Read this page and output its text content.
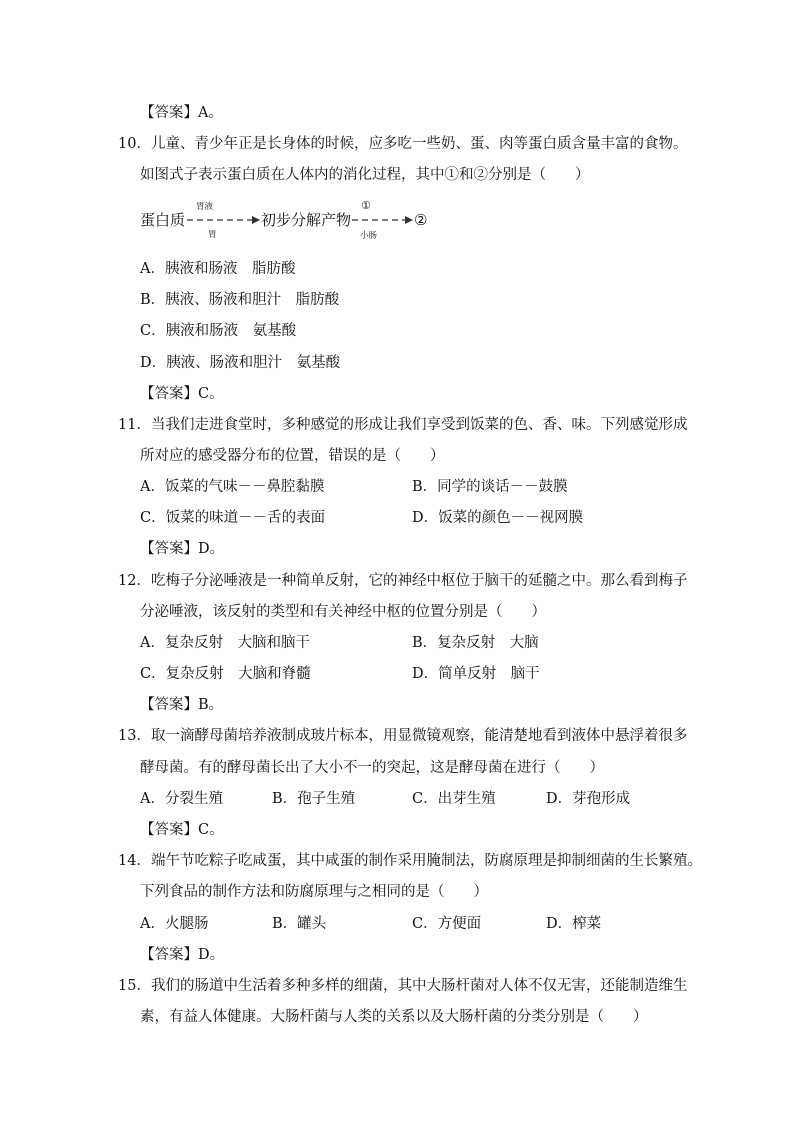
【答案】A。
10．儿童、青少年正是长身体的时候，应多吃一些奶、蛋、肉等蛋白质含量丰富的食物。
如图式子表示蛋白质在人体内的消化过程，其中①和②分别是（　　）
蛋白质
胃液
胃
初步分解产物
①
小肠
②
A．胰液和肠液　脂肪酸
B．胰液、肠液和胆汁　脂肪酸
C．胰液和肠液　氨基酸
D．胰液、肠液和胆汁　氨基酸
【答案】C。
11．当我们走进食堂时，多种感觉的形成让我们享受到饭菜的色、香、味。下列感觉形成
所对应的感受器分布的位置，错误的是（　　）
A．饭菜的气味－－鼻腔黏膜	B．同学的谈话－－鼓膜
C．饭菜的味道－－舌的表面	D．饭菜的颜色－－视网膜
【答案】D。
12．吃梅子分泌唾液是一种简单反射，它的神经中枢位于脑干的延髓之中。那么看到梅子
分泌唾液，该反射的类型和有关神经中枢的位置分别是（　　）
A．复杂反射　大脑和脑干	B．复杂反射　大脑
C．复杂反射　大脑和脊髓	D．简单反射　脑干
【答案】B。
13．取一滴酵母菌培养液制成玻片标本，用显微镜观察，能清楚地看到液体中悬浮着很多
酵母菌。有的酵母菌长出了大小不一的突起，这是酵母菌在进行（　　）
A．分裂生殖	B．孢子生殖	C．出芽生殖	D．芽孢形成
【答案】C。
14．端午节吃粽子吃咸蛋，其中咸蛋的制作采用腌制法，防腐原理是抑制细菌的生长繁殖。
下列食品的制作方法和防腐原理与之相同的是（　　）
A．火腿肠	B．罐头	C．方便面	D．榨菜
【答案】D。
15．我们的肠道中生活着多种多样的细菌，其中大肠杆菌对人体不仅无害，还能制造维生
素，有益人体健康。大肠杆菌与人类的关系以及大肠杆菌的分类分别是（　　）
